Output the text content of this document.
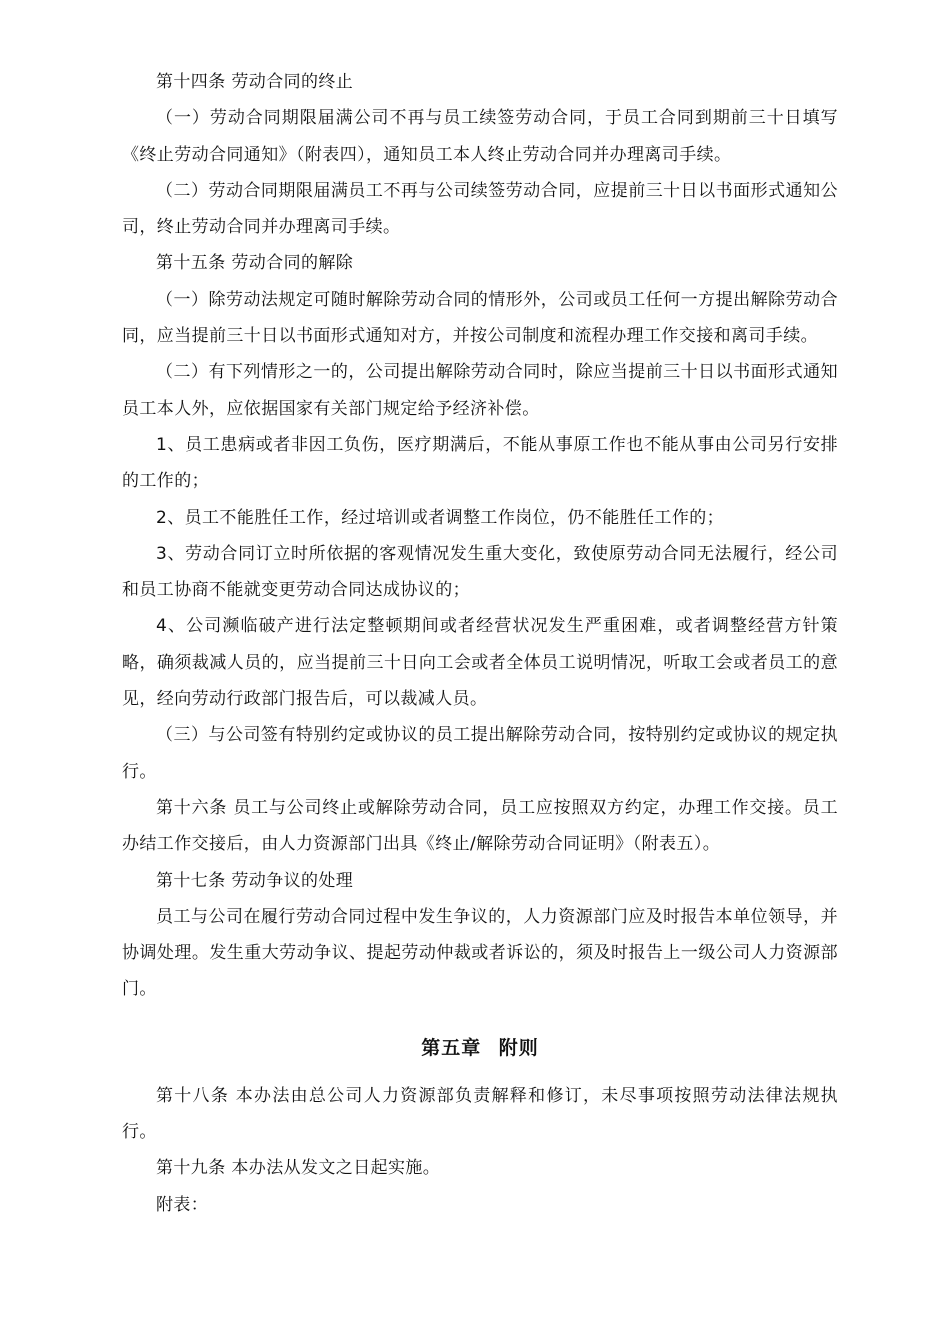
第十四条 劳动合同的终止

（一）劳动合同期限届满公司不再与员工续签劳动合同，于员工合同到期前三十日填写《终止劳动合同通知》（附表四），通知员工本人终止劳动合同并办理离司手续。

（二）劳动合同期限届满员工不再与公司续签劳动合同，应提前三十日以书面形式通知公司，终止劳动合同并办理离司手续。

第十五条 劳动合同的解除

（一）除劳动法规定可随时解除劳动合同的情形外，公司或员工任何一方提出解除劳动合同，应当提前三十日以书面形式通知对方，并按公司制度和流程办理工作交接和离司手续。

（二）有下列情形之一的，公司提出解除劳动合同时，除应当提前三十日以书面形式通知员工本人外，应依据国家有关部门规定给予经济补偿。

1、员工患病或者非因工负伤，医疗期满后，不能从事原工作也不能从事由公司另行安排的工作的；

2、员工不能胜任工作，经过培训或者调整工作岗位，仍不能胜任工作的；

3、劳动合同订立时所依据的客观情况发生重大变化，致使原劳动合同无法履行，经公司和员工协商不能就变更劳动合同达成协议的；

4、公司濒临破产进行法定整顿期间或者经营状况发生严重困难，或者调整经营方针策略，确须裁减人员的，应当提前三十日向工会或者全体员工说明情况，听取工会或者员工的意见，经向劳动行政部门报告后，可以裁减人员。

（三）与公司签有特别约定或协议的员工提出解除劳动合同，按特别约定或协议的规定执行。

第十六条 员工与公司终止或解除劳动合同，员工应按照双方约定，办理工作交接。员工办结工作交接后，由人力资源部门出具《终止/解除劳动合同证明》（附表五）。

第十七条 劳动争议的处理

员工与公司在履行劳动合同过程中发生争议的，人力资源部门应及时报告本单位领导，并协调处理。发生重大劳动争议、提起劳动仲裁或者诉讼的，须及时报告上一级公司人力资源部门。

第五章 附则

第十八条 本办法由总公司人力资源部负责解释和修订，未尽事项按照劳动法律法规执行。

第十九条 本办法从发文之日起实施。

附表：
